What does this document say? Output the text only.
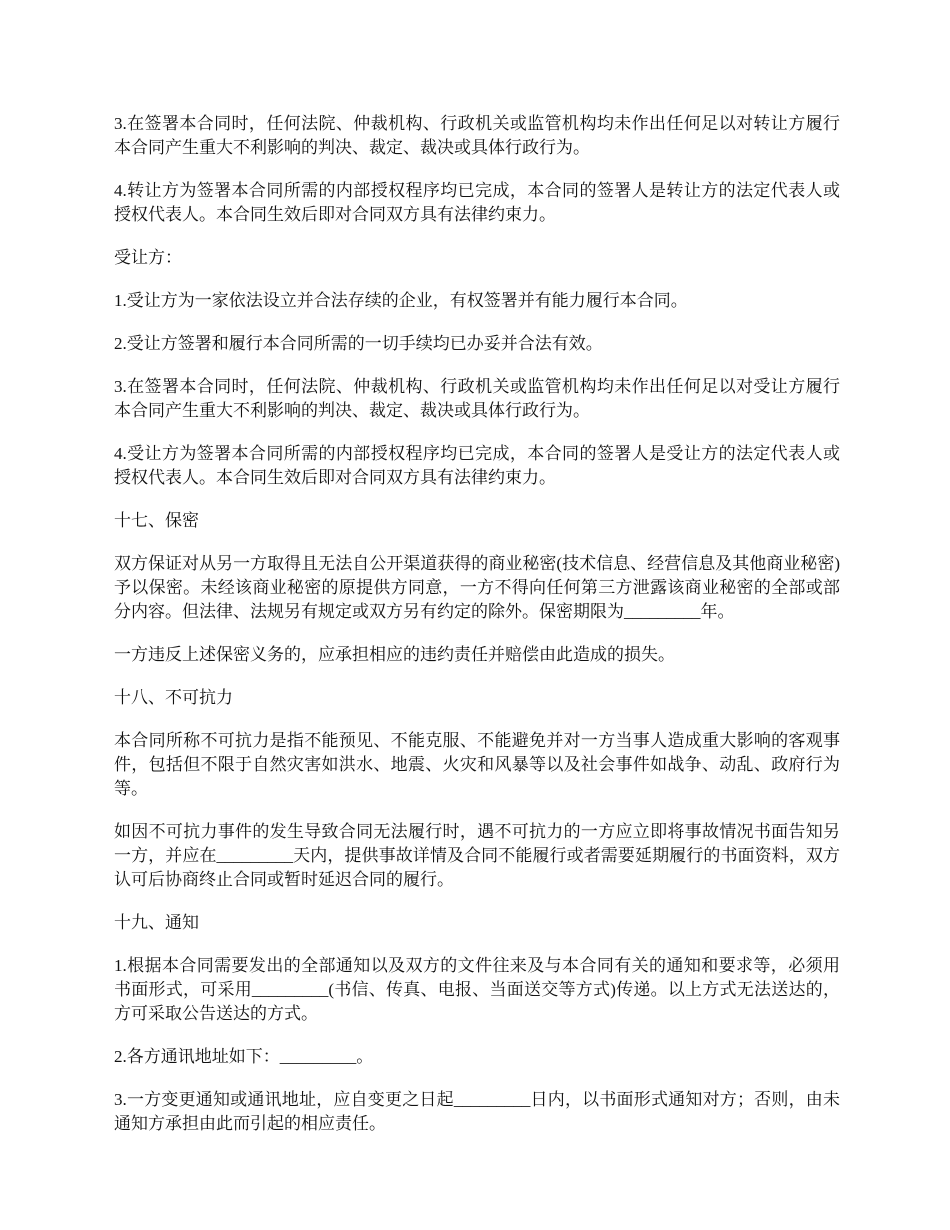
3.在签署本合同时，任何法院、仲裁机构、行政机关或监管机构均未作出任何足以对转让方履行本合同产生重大不利影响的判决、裁定、裁决或具体行政行为。

4.转让方为签署本合同所需的内部授权程序均已完成，本合同的签署人是转让方的法定代表人或授权代表人。本合同生效后即对合同双方具有法律约束力。

受让方：

1.受让方为一家依法设立并合法存续的企业，有权签署并有能力履行本合同。

2.受让方签署和履行本合同所需的一切手续均已办妥并合法有效。

3.在签署本合同时，任何法院、仲裁机构、行政机关或监管机构均未作出任何足以对受让方履行本合同产生重大不利影响的判决、裁定、裁决或具体行政行为。

4.受让方为签署本合同所需的内部授权程序均已完成，本合同的签署人是受让方的法定代表人或授权代表人。本合同生效后即对合同双方具有法律约束力。

十七、保密

双方保证对从另一方取得且无法自公开渠道获得的商业秘密(技术信息、经营信息及其他商业秘密)予以保密。未经该商业秘密的原提供方同意，一方不得向任何第三方泄露该商业秘密的全部或部分内容。但法律、法规另有规定或双方另有约定的除外。保密期限为_________年。

一方违反上述保密义务的，应承担相应的违约责任并赔偿由此造成的损失。

十八、不可抗力

本合同所称不可抗力是指不能预见、不能克服、不能避免并对一方当事人造成重大影响的客观事件，包括但不限于自然灾害如洪水、地震、火灾和风暴等以及社会事件如战争、动乱、政府行为等。

如因不可抗力事件的发生导致合同无法履行时，遇不可抗力的一方应立即将事故情况书面告知另一方，并应在_________天内，提供事故详情及合同不能履行或者需要延期履行的书面资料，双方认可后协商终止合同或暂时延迟合同的履行。

十九、通知

1.根据本合同需要发出的全部通知以及双方的文件往来及与本合同有关的通知和要求等，必须用书面形式，可采用_________(书信、传真、电报、当面送交等方式)传递。以上方式无法送达的，方可采取公告送达的方式。

2.各方通讯地址如下：_________。

3.一方变更通知或通讯地址，应自变更之日起_________日内，以书面形式通知对方；否则，由未通知方承担由此而引起的相应责任。
